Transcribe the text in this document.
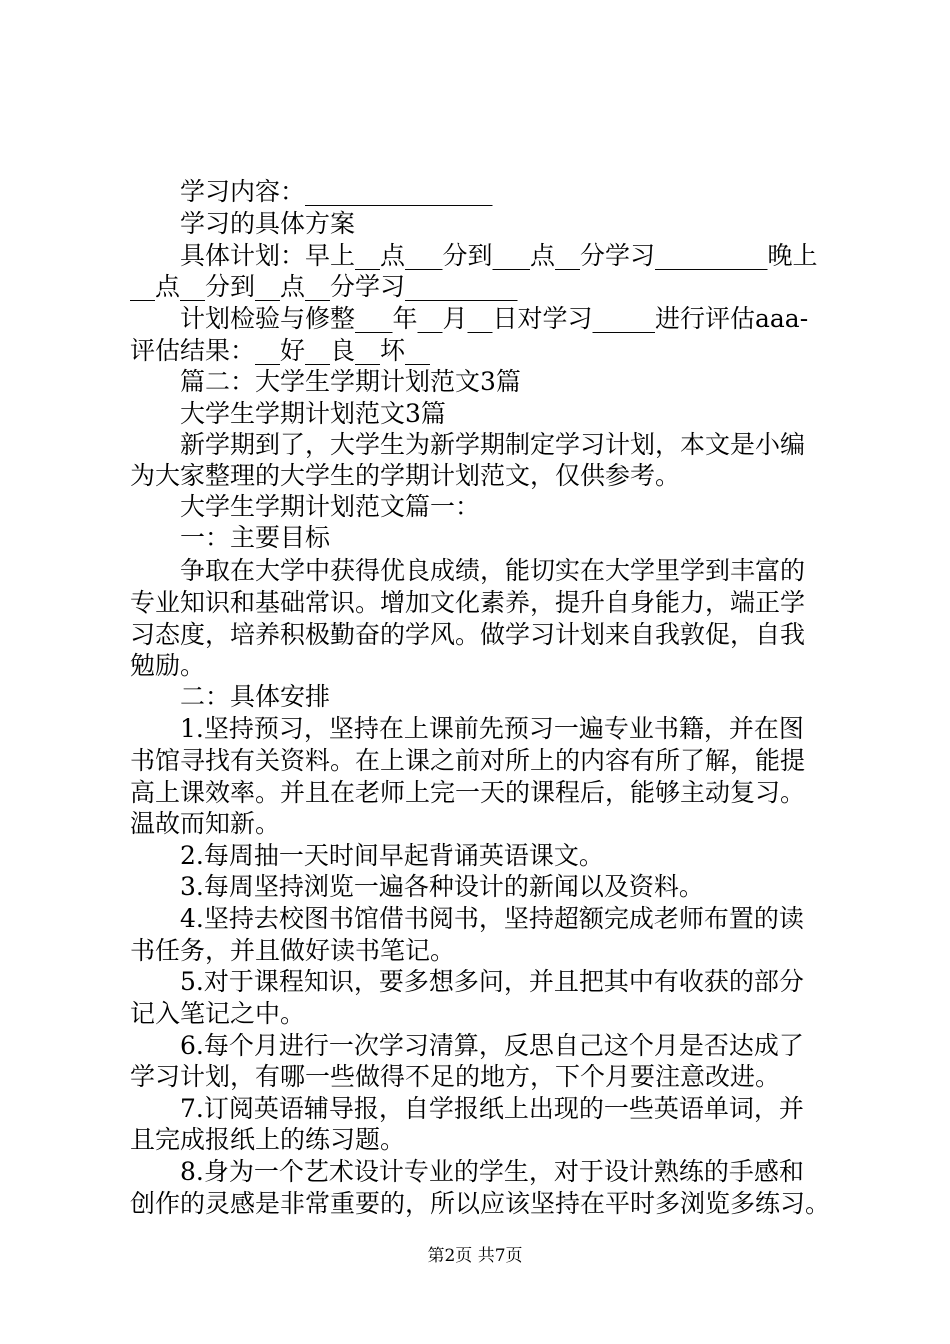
学习内容：_______________
学习的具体方案
具体计划：早上__点___分到___点__分学习_________晚上
__点__分到__点__分学习_________
计划检验与修整___年__月__日对学习_____进行评估aaa-
评估结果：__好__良__坏__
篇二：大学生学期计划范文3篇
大学生学期计划范文3篇
新学期到了，大学生为新学期制定学习计划，本文是小编
为大家整理的大学生的学期计划范文，仅供参考。
大学生学期计划范文篇一：
一：主要目标
争取在大学中获得优良成绩，能切实在大学里学到丰富的
专业知识和基础常识。增加文化素养，提升自身能力，端正学
习态度，培养积极勤奋的学风。做学习计划来自我敦促，自我
勉励。
二：具体安排
1.坚持预习，坚持在上课前先预习一遍专业书籍，并在图
书馆寻找有关资料。在上课之前对所上的内容有所了解，能提
高上课效率。并且在老师上完一天的课程后，能够主动复习。
温故而知新。
2.每周抽一天时间早起背诵英语课文。
3.每周坚持浏览一遍各种设计的新闻以及资料。
4.坚持去校图书馆借书阅书，坚持超额完成老师布置的读
书任务，并且做好读书笔记。
5.对于课程知识，要多想多问，并且把其中有收获的部分
记入笔记之中。
6.每个月进行一次学习清算，反思自己这个月是否达成了
学习计划，有哪一些做得不足的地方，下个月要注意改进。
7.订阅英语辅导报，自学报纸上出现的一些英语单词，并
且完成报纸上的练习题。
8.身为一个艺术设计专业的学生，对于设计熟练的手感和
创作的灵感是非常重要的，所以应该坚持在平时多浏览多练习。
第2页 共7页
